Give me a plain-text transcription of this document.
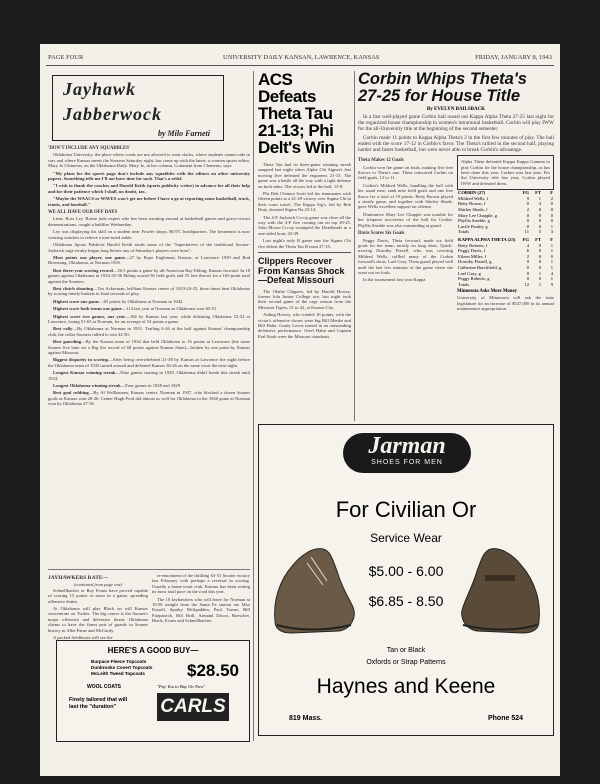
PAGE FOUR	UNIVERSITY DAILY KANSAN, LAWRENCE, KANSAS	FRIDAY, JANUARY 8, 1943
Jayhawk
Jabberwock
by Milo Farneti
'DON'T INCLUDE ANY SQUABBLES'

Oklahoma University, the place where coeds are not allowed to wear slacks, where students cannot ride in cars and where Kansas meets the Sooners Saturday night, has come up with the latest: a women sports editor, Mary Jo Clements, on the Oklahoma Daily. Mary Jo, in her column, Comment from Clements, says:

"My plans for the sports page don't include any squabbles with the editors on other university papers. Something tells me I'll not have time for such. That's a relief.

"I wish to thank the coaches and Harold Keith (sports publicity writer) in advance for all their help and for their patience which I shall, no doubt, tax.

"Maybe the WAACS or WAVES won't get me before I have a go at reporting some basketball, track, tennis, and baseball."

WE ALL HAVE OUR OFF DAYS

Lieut. Ross Ley, Rotsie judo expert who has been strutting around at basketball games and gravy-circuit demonstrations, caught a baldfire Wednesday.

Ley was displaying his skill on a student near Fowler shops, ROTC headquarters. The lieutenant is now wearing crutches to relieve a torn-tured ankle.

Oklahoma Sports Publicist Harold Keith sends some of the "Superlatives of the traditional Sooner-Jayhawk cage rivalry begun long before any of Saturday's players were born":

Most points one player, one game—27 by Rope Engleman, Kansas, at Lawrence 1939 and Bud Browning, Oklahoma, at Norman 1935.

Best three-year scoring record—36.5 points a game by all-American Ray Ebling, Kansas forward. In 18 games against Oklahoma in 1934-35-36 Ebling scored 56 field goals and 55 free throws for a 165-point total against the Sooners.

Best clutch shooting—Tus Ackerman, brilliant Kansas center of 1923-24-25, three times beat Oklahoma by scoring timely baskets in final seconds of play.

Highest score one game—65 points by Oklahoma at Norman in 1942.

Highest score both teams one game—114 last year at Norman as Oklahoma won 65-51.

Highest score two games, one year—104 by Kansas last year, while defeating Oklahoma 52-32 at Lawrence, losing 51-65 at Norman, for an average of 52 points a game.

Best rally—By Oklahoma at Norman in 1931. Trailing 6-26 at the half against Kansas' championship club, the cellar Sooners rallied to win 32-30.

Best guarding—By the Kansas team of 1934 that held Oklahoma to 16 points at Lawrence (the same Sooner five later set a Big Six record of 68 points against Kansas State)—broken by one point by Kansas against Missouri.

Biggest disparity in scoring—After being overwhelmed 21-58 by Kansas at Lawrence the night before the Oklahoma team of 1935 turned around and defeated Kansas 36-26 on the same court the next night.

Longest Kansas winning streak—Nine games starting in 1929. Oklahoma didn't break this streak until 1924.

Longest Oklahoma winning streak—Four games in 1928 and 1929.

Best goal robbing—By Al Wellhausen, Kansas center, Norman in 1937, who blocked a dozen Sooner goals as Kansas won 28-26. Center Hugh Ford did almost as well for Oklahoma in the 1940 game at Norman won by Oklahoma 47-36.

JAYHAWKERS RATE—
(continued from page one)

Schnellbacher or Roy Evans have proved capable of scoring 15 points or more in a game, spreading offensive duties.

At Oklahoma will play Black on will Kansas concentrate on Tucker. The big center is the Sooner's major offensive and defensive threat. Oklahoma claims to have the finest pair of guards in Sooner history in Allie Paine and McCurdy.

A packed fieldhouse will see the

re-enactment of the thrilling 63-51 Sooner victory last February with perhaps a reversal in scoring. Usually a home-court club, Kansas has been setting its most total pace on the road this year.

The 10 Jayhawkers who will leave for Norman at 10:50 tonight from the Santa Fe station are Max Kissell, Sparky McSpadden, Paul Turner, Bill Fitzpatrick, Bill Brill, Armand Dixon, Boescher, Black, Evans and Schnellbacher.

HERE'S A GOOD BUY—
Burpace Fleece Topcoats
Dunbrooks Covert Topcoats
McLeith Tweed Topcoats	$28.50
WOOL COATS	"Pay You to Buy On Now"
Finely tailored that will
last the "duration"	CARLS
ACS Defeats Theta Tau 21-13; Phi Delt's Win

Theta Tau had its three-game winning streak snapped last night when Alpha Chi Sigma's fast moving five defeated the engineers 21-13. The game was a battle all the way with a tight defense on both sides. The victors led at the half, 13-8.

Phi Delt Clemon Scott led his teammates with fifteen points to a 41-29 victory over Sigma Chi in their court tussel. The Kappa Sig's, led by Bob Doty, downed Sigma Nu 25-14.

The 4-F Jayhawk Co-op game was close all the way with the 4-F five coming out on top 29-25. John Moore Co-op swamped the Deadheads in a one-sided bout, 43-39.

Last night's only B game saw the Sigma Chi five defeat the Theta Tau B team 27-15.

Clippers Recover From Kansas Shock —Defeat Missouri

The Olathe Clippers, led by Harold Howey, former Iola Junior College ace, last night took their second game of the cage season from the Missouri Tigers, 51 to 42, at Kansas City.

Aiding Howey, who totaled 16 points, with the victor's offensive chores were big Bill Menke and Bill Hahn. Grady Lewis turned in an outstanding defensive performance. Orrel Hahn and Captain Earl Stark were the Missouri standouts.

Corbin Whips Theta's 27-25 for House Title
By EVELYN BAILSBACK

In a fast well-played game Corbin hall nosed out Kappa Alpha Theta 27-25 last night for the organized house championship in women's intramural basketball. Corbin will play IWW for the all-University title at the beginning of the second semester.

Corbin made 11 points to Kappa Alpha Theta's 2 in the first few minutes of play. The hall ended with the score 17-12 in Corbin's favor. The Theta's rallied in the second half, playing harder and faster basketball, but were never able to break Corbin's advantage.

Theta Makes 12 Goals

Corbin won the game on fouls, making five free throws to Theta's one. Theta outscored Corbin on field goals, 12 to 11.

Corbin's Mildred Wells, handling the ball with her usual ease, sank nine field goals and one free throw for a total of 19 points. Betty Brown played a steady game, and together with Shirley Shade, gave Wells excellent support on offense.

Diminutive Mary Lee Chapple was notable for her frequent recoveries of the ball for Corbin. Phyllis Struble was also outstanding at guard.

Davis Scores Six Goals

Peggy Davis, Theta forward, made six field goals for her team, mostly on long shots. Quick-moving Dorothy Fizzell, who was covering Mildred Wells, ruffled many of the Corbin forward's shots. Lael Gray, Theta guard played well until the last few minutes of the game when she went out on fouls.

In the tournament last year Kappa

Alpha Theta defeated Kappa Kappa Gamma to play Corbin for the house championship, as has been done this year. Corbin won last year. For the University title last year, Corbin played IWW and defeated them.
CORBIN (27)	FG	FT	F
Mildred Wells, f	9	1	2
Betty Brown, f	0	4	0
Shirley Shade, f	2	0	0
Mary Lee Chapple, g	0	0	0
Phyllis Struble, g	0	0	0
Lucile Pauley, g	0	0	1
Totals	11	5	3
KAPPA ALPHA THETA (25)	FG	FT	F
Betty Roberts, f	4	0	1
Peggy Davis, f	6	0	1
Eileen Miller, f	2	0	0
Dorothy Fizzell, g	0	0	1
Catherine Burchfield, g	0	0	1
Lael Gray, g	0	1	4
Peggy Roberts, g	0	0	1
Totals	12	1	9
Minnesota Asks More Money
University of Minnesota will ask the state legislature for an increase of $537,000 in its annual maintenance appropriation.
Jarman
SHOES FOR MEN
For Civilian Or
Service Wear
$5.00 - 6.00
$6.85 - 8.50
Tan or Black
Oxfords or Strap Patterns
Haynes and Keene
819 Mass.	Phone 524
